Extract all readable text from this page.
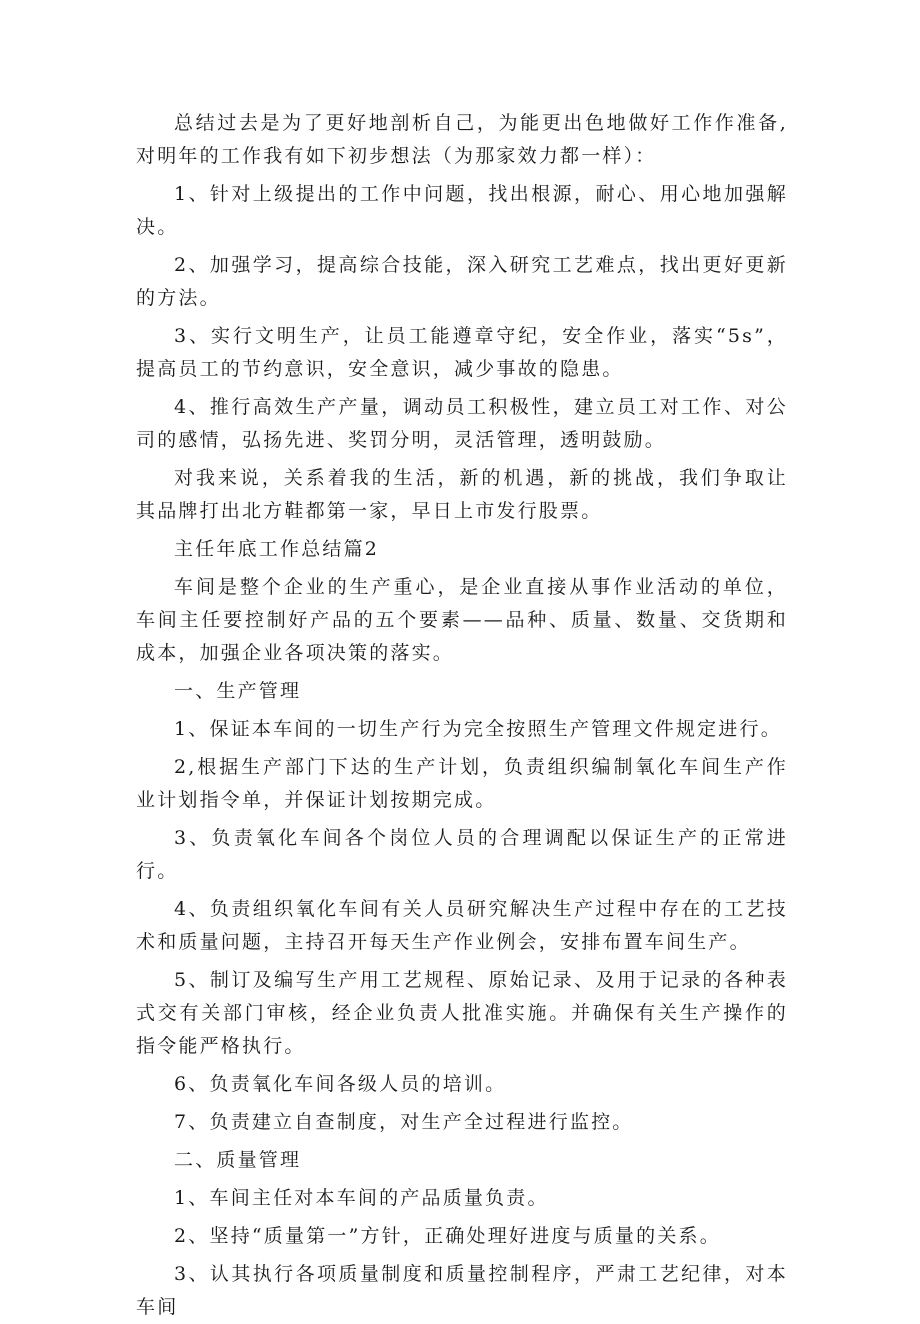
总结过去是为了更好地剖析自己，为能更出色地做好工作作准备,对明年的工作我有如下初步想法（为那家效力都一样）：

1、针对上级提出的工作中问题，找出根源，耐心、用心地加强解决。

2、加强学习，提高综合技能，深入研究工艺难点，找出更好更新的方法。

3、实行文明生产，让员工能遵章守纪，安全作业，落实“5s”，提高员工的节约意识，安全意识，减少事故的隐患。

4、推行高效生产产量，调动员工积极性，建立员工对工作、对公司的感情，弘扬先进、奖罚分明，灵活管理，透明鼓励。

对我来说，关系着我的生活，新的机遇，新的挑战，我们争取让其品牌打出北方鞋都第一家，早日上市发行股票。

主任年底工作总结篇2

车间是整个企业的生产重心，是企业直接从事作业活动的单位，车间主任要控制好产品的五个要素——品种、质量、数量、交货期和成本，加强企业各项决策的落实。

一、生产管理

1、保证本车间的一切生产行为完全按照生产管理文件规定进行。

2,根据生产部门下达的生产计划，负责组织编制氧化车间生产作业计划指令单，并保证计划按期完成。

3、负责氧化车间各个岗位人员的合理调配以保证生产的正常进行。

4、负责组织氧化车间有关人员研究解决生产过程中存在的工艺技术和质量问题，主持召开每天生产作业例会，安排布置车间生产。

5、制订及编写生产用工艺规程、原始记录、及用于记录的各种表式交有关部门审核，经企业负责人批准实施。并确保有关生产操作的指令能严格执行。

6、负责氧化车间各级人员的培训。

7、负责建立自查制度，对生产全过程进行监控。

二、质量管理

1、车间主任对本车间的产品质量负责。

2、坚持“质量第一”方针，正确处理好进度与质量的关系。

3、认其执行各项质量制度和质量控制程序，严肃工艺纪律，对本车间
